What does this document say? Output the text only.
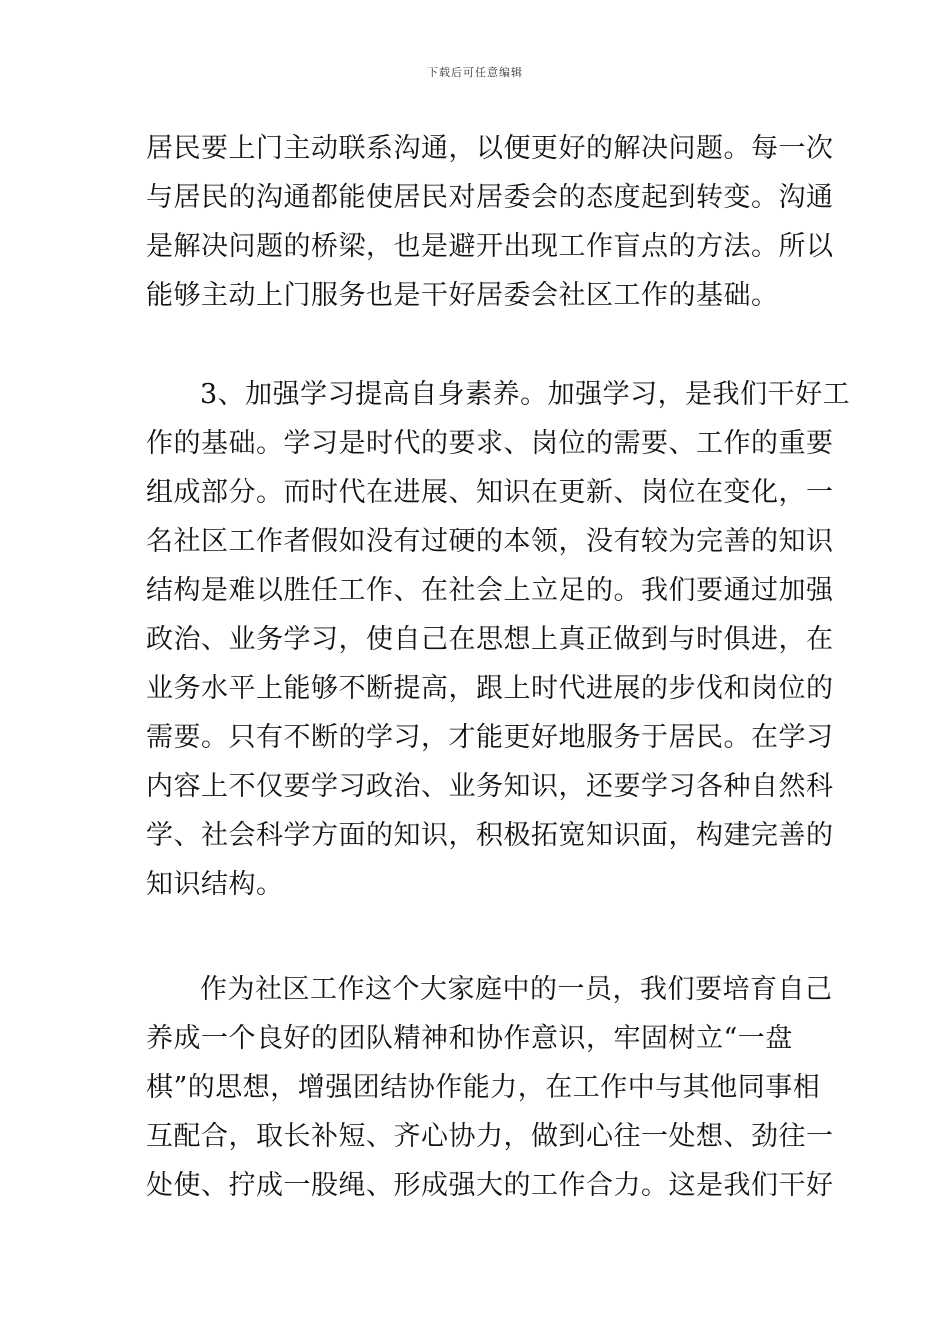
下载后可任意编辑
居民要上门主动联系沟通，以便更好的解决问题。每一次
与居民的沟通都能使居民对居委会的态度起到转变。沟通
是解决问题的桥梁，也是避开出现工作盲点的方法。所以
能够主动上门服务也是干好居委会社区工作的基础。
3、加强学习提高自身素养。加强学习，是我们干好工
作的基础。学习是时代的要求、岗位的需要、工作的重要
组成部分。而时代在进展、知识在更新、岗位在变化，一
名社区工作者假如没有过硬的本领，没有较为完善的知识
结构是难以胜任工作、在社会上立足的。我们要通过加强
政治、业务学习，使自己在思想上真正做到与时俱进，在
业务水平上能够不断提高，跟上时代进展的步伐和岗位的
需要。只有不断的学习，才能更好地服务于居民。在学习
内容上不仅要学习政治、业务知识，还要学习各种自然科
学、社会科学方面的知识，积极拓宽知识面，构建完善的
知识结构。
作为社区工作这个大家庭中的一员，我们要培育自己
养成一个良好的团队精神和协作意识，牢固树立“一盘
棋”的思想，增强团结协作能力，在工作中与其他同事相
互配合，取长补短、齐心协力，做到心往一处想、劲往一
处使、拧成一股绳、形成强大的工作合力。这是我们干好
